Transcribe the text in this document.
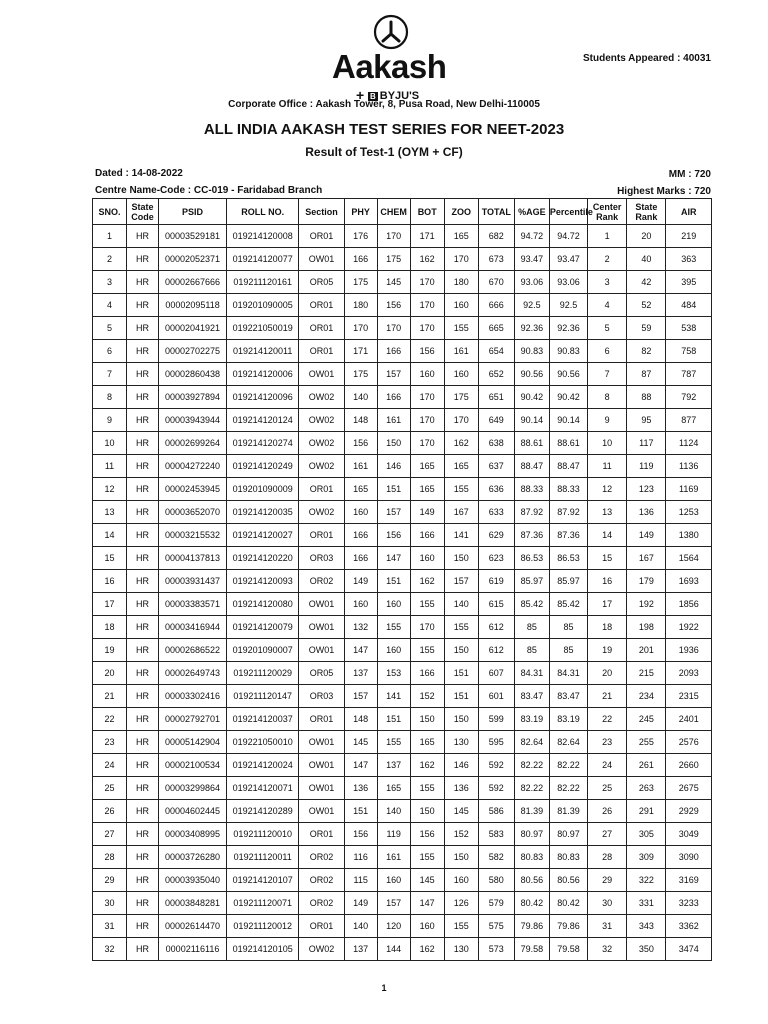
Aakash
+ B BYJU'S
Students Appeared : 40031
Corporate Office : Aakash Tower, 8, Pusa Road, New Delhi-110005
ALL INDIA AAKASH TEST SERIES FOR NEET-2023
Result of Test-1 (OYM + CF)
Dated : 14-08-2022	MM : 720
Centre Name-Code : CC-019 - Faridabad Branch	Highest Marks : 720
SNO.	State Code	PSID	ROLL NO.	Section	PHY	CHEM	BOT	ZOO	TOTAL	%AGE	Percentile	Center Rank	State Rank	AIR
1	HR	00003529181	019214120008	OR01	176	170	171	165	682	94.72	94.72	1	20	219
2	HR	00002052371	019214120077	OW01	166	175	162	170	673	93.47	93.47	2	40	363
3	HR	00002667666	019211120161	OR05	175	145	170	180	670	93.06	93.06	3	42	395
4	HR	00002095118	019201090005	OR01	180	156	170	160	666	92.5	92.5	4	52	484
5	HR	00002041921	019221050019	OR01	170	170	170	155	665	92.36	92.36	5	59	538
6	HR	00002702275	019214120011	OR01	171	166	156	161	654	90.83	90.83	6	82	758
7	HR	00002860438	019214120006	OW01	175	157	160	160	652	90.56	90.56	7	87	787
8	HR	00003927894	019214120096	OW02	140	166	170	175	651	90.42	90.42	8	88	792
9	HR	00003943944	019214120124	OW02	148	161	170	170	649	90.14	90.14	9	95	877
10	HR	00002699264	019214120274	OW02	156	150	170	162	638	88.61	88.61	10	117	1124
11	HR	00004272240	019214120249	OW02	161	146	165	165	637	88.47	88.47	11	119	1136
12	HR	00002453945	019201090009	OR01	165	151	165	155	636	88.33	88.33	12	123	1169
13	HR	00003652070	019214120035	OW02	160	157	149	167	633	87.92	87.92	13	136	1253
14	HR	00003215532	019214120027	OR01	166	156	166	141	629	87.36	87.36	14	149	1380
15	HR	00004137813	019214120220	OR03	166	147	160	150	623	86.53	86.53	15	167	1564
16	HR	00003931437	019214120093	OR02	149	151	162	157	619	85.97	85.97	16	179	1693
17	HR	00003383571	019214120080	OW01	160	160	155	140	615	85.42	85.42	17	192	1856
18	HR	00003416944	019214120079	OW01	132	155	170	155	612	85	85	18	198	1922
19	HR	00002686522	019201090007	OW01	147	160	155	150	612	85	85	19	201	1936
20	HR	00002649743	019211120029	OR05	137	153	166	151	607	84.31	84.31	20	215	2093
21	HR	00003302416	019211120147	OR03	157	141	152	151	601	83.47	83.47	21	234	2315
22	HR	00002792701	019214120037	OR01	148	151	150	150	599	83.19	83.19	22	245	2401
23	HR	00005142904	019221050010	OW01	145	155	165	130	595	82.64	82.64	23	255	2576
24	HR	00002100534	019214120024	OW01	147	137	162	146	592	82.22	82.22	24	261	2660
25	HR	00003299864	019214120071	OW01	136	165	155	136	592	82.22	82.22	25	263	2675
26	HR	00004602445	019214120289	OW01	151	140	150	145	586	81.39	81.39	26	291	2929
27	HR	00003408995	019211120010	OR01	156	119	156	152	583	80.97	80.97	27	305	3049
28	HR	00003726280	019211120011	OR02	116	161	155	150	582	80.83	80.83	28	309	3090
29	HR	00003935040	019214120107	OR02	115	160	145	160	580	80.56	80.56	29	322	3169
30	HR	00003848281	019211120071	OR02	149	157	147	126	579	80.42	80.42	30	331	3233
31	HR	00002614470	019211120012	OR01	140	120	160	155	575	79.86	79.86	31	343	3362
32	HR	00002116116	019214120105	OW02	137	144	162	130	573	79.58	79.58	32	350	3474
1
